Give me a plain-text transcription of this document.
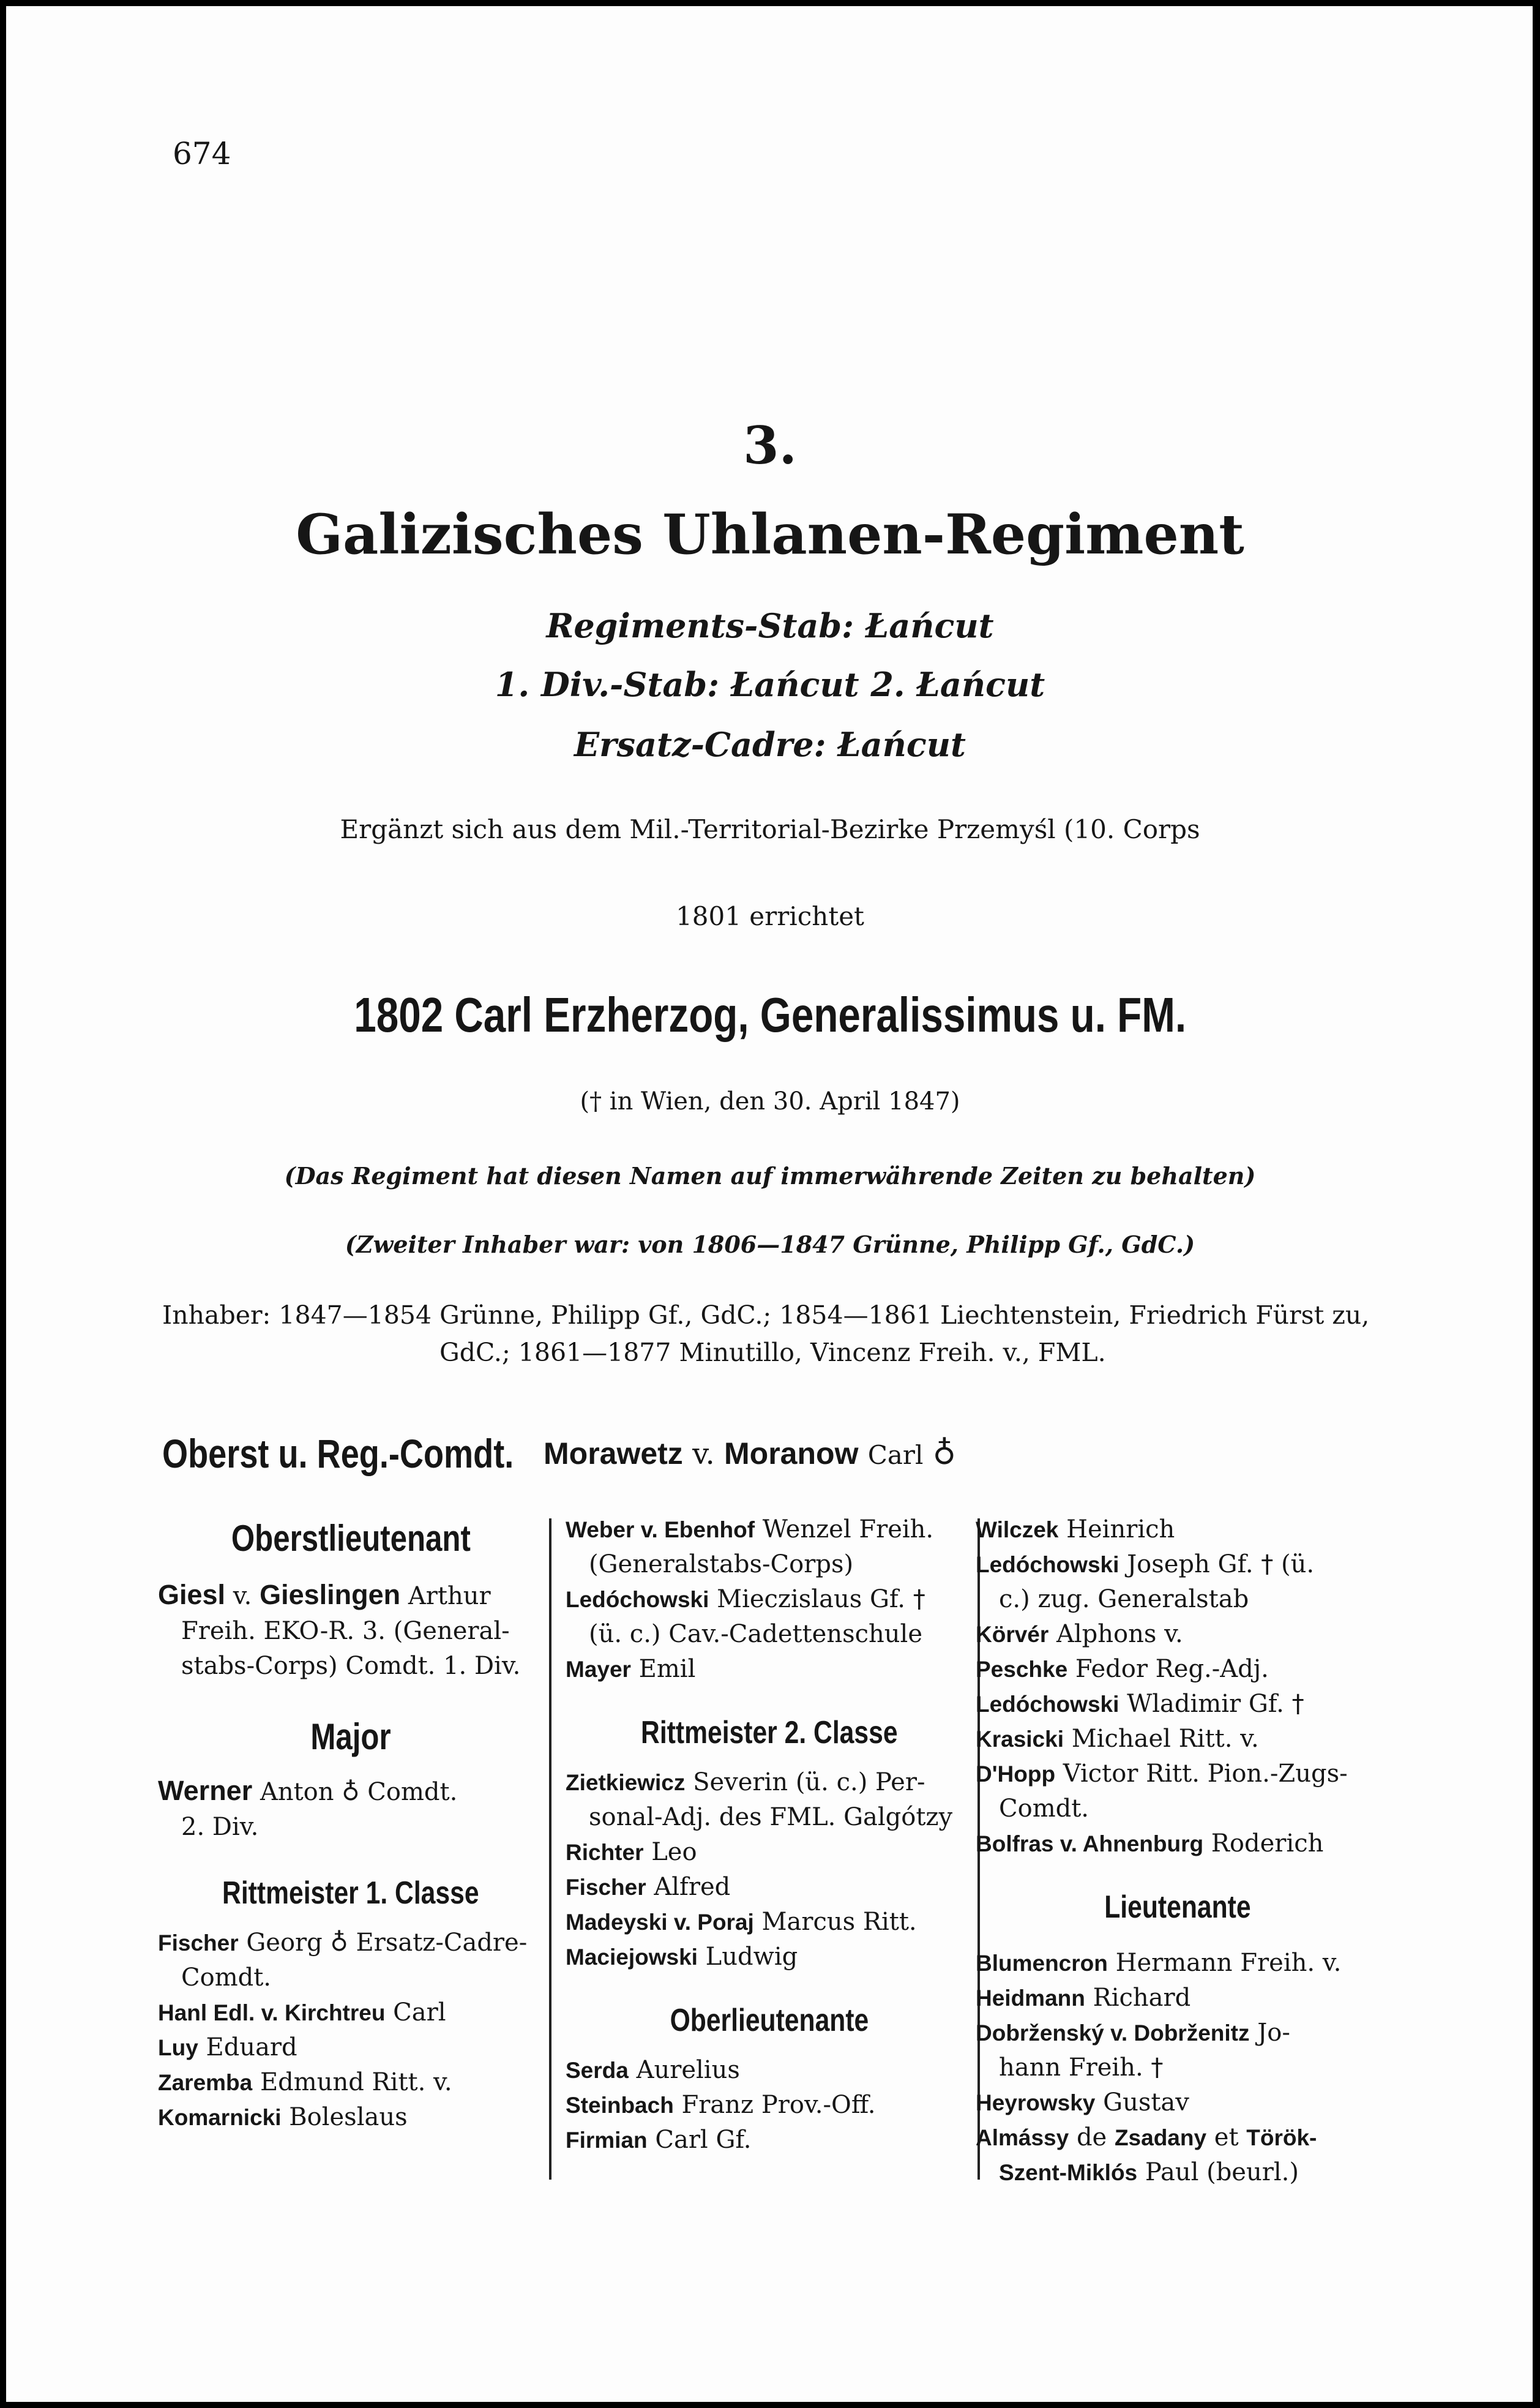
674
3.
Galizisches Uhlanen-Regiment
Regiments-Stab: Łańcut
1. Div.-Stab: Łańcut 2. Łańcut
Ersatz-Cadre: Łańcut
Ergänzt sich aus dem Mil.-Territorial-Bezirke Przemyśl (10. Corps
1801 errichtet
1802 Carl Erzherzog, Generalissimus u. FM.
(† in Wien, den 30. April 1847)
(Das Regiment hat diesen Namen auf immerwährende Zeiten zu behalten)
(Zweiter Inhaber war: von 1806—1847 Grünne, Philipp Gf., GdC.)
Inhaber: 1847—1854 Grünne, Philipp Gf., GdC.; 1854—1861 Liechtenstein, Friedrich Fürst zu,
GdC.; 1861—1877 Minutillo, Vincenz Freih. v., FML.
Oberst u. Reg.-Comdt. Morawetz v. Moranow Carl ♁
Oberstlieutenant
Giesl v. Gieslingen Arthur
Freih. EKO-R. 3. (General-
stabs-Corps) Comdt. 1. Div.
Major
Werner Anton ♁ Comdt.
2. Div.
Rittmeister 1. Classe
Fischer Georg ♁ Ersatz-Cadre-
Comdt.
Hanl Edl. v. Kirchtreu Carl
Luy Eduard
Zaremba Edmund Ritt. v.
Komarnicki Boleslaus
Weber v. Ebenhof Wenzel Freih.
(Generalstabs-Corps)
Ledóchowski Mieczislaus Gf. †
(ü. c.) Cav.-Cadettenschule
Mayer Emil
Rittmeister 2. Classe
Zietkiewicz Severin (ü. c.) Per-
sonal-Adj. des FML. Galgótzy
Richter Leo
Fischer Alfred
Madeyski v. Poraj Marcus Ritt.
Maciejowski Ludwig
Oberlieutenante
Serda Aurelius
Steinbach Franz Prov.-Off.
Firmian Carl Gf.
Wilczek Heinrich
Ledóchowski Joseph Gf. † (ü.
c.) zug. Generalstab
Körvér Alphons v.
Peschke Fedor Reg.-Adj.
Ledóchowski Wladimir Gf. †
Krasicki Michael Ritt. v.
D'Hopp Victor Ritt. Pion.-Zugs-
Comdt.
Bolfras v. Ahnenburg Roderich
Lieutenante
Blumencron Hermann Freih. v.
Heidmann Richard
Dobrženský v. Dobrženitz Jo-
hann Freih. †
Heyrowsky Gustav
Almássy de Zsadany et Török-
Szent-Miklós Paul (beurl.)
